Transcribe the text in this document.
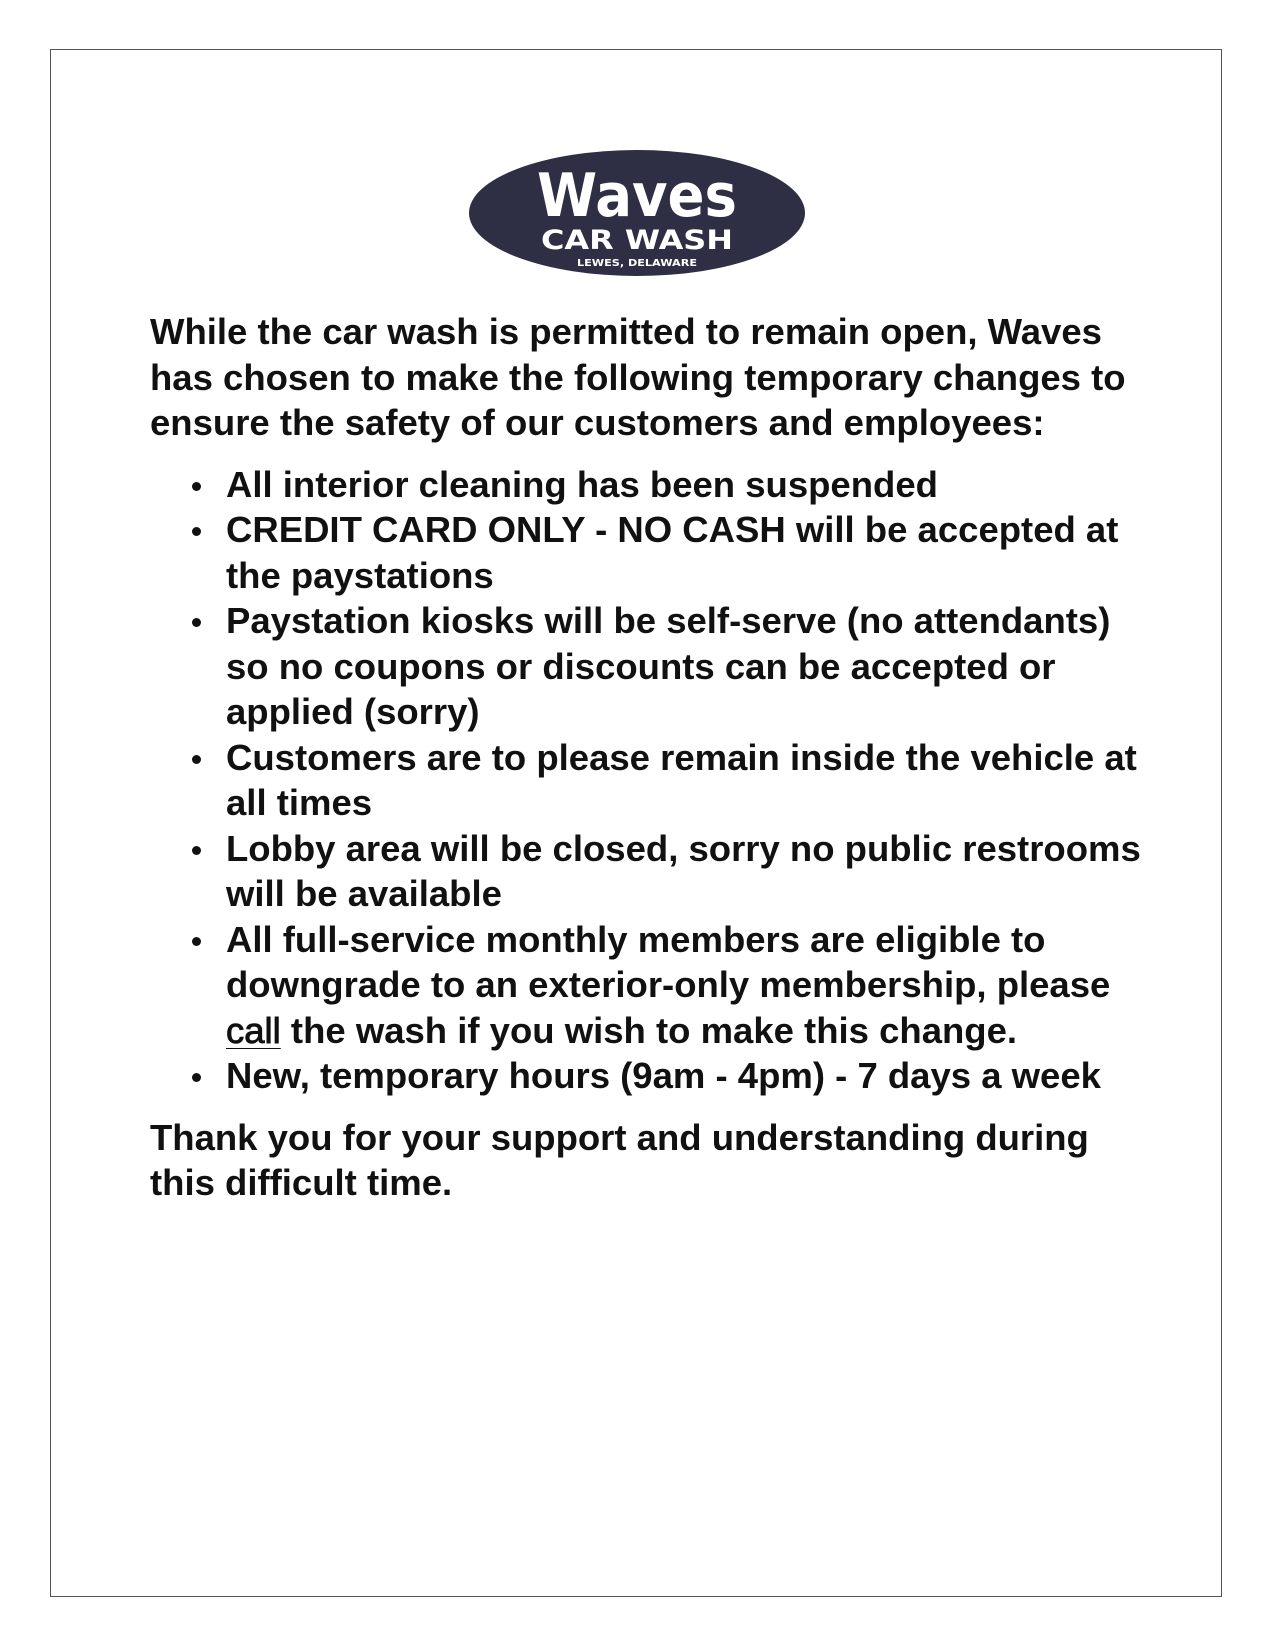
Waves
CAR WASH
LEWES, DELAWARE

While the car wash is permitted to remain open, Waves has chosen to make the following temporary changes to ensure the safety of our customers and employees:

All interior cleaning has been suspended
CREDIT CARD ONLY - NO CASH will be accepted at the paystations
Paystation kiosks will be self-serve (no attendants) so no coupons or discounts can be accepted or applied (sorry)
Customers are to please remain inside the vehicle at all times
Lobby area will be closed, sorry no public restrooms will be available
All full-service monthly members are eligible to downgrade to an exterior-only membership, please call the wash if you wish to make this change.
New, temporary hours (9am - 4pm) - 7 days a week

Thank you for your support and understanding during this difficult time.
